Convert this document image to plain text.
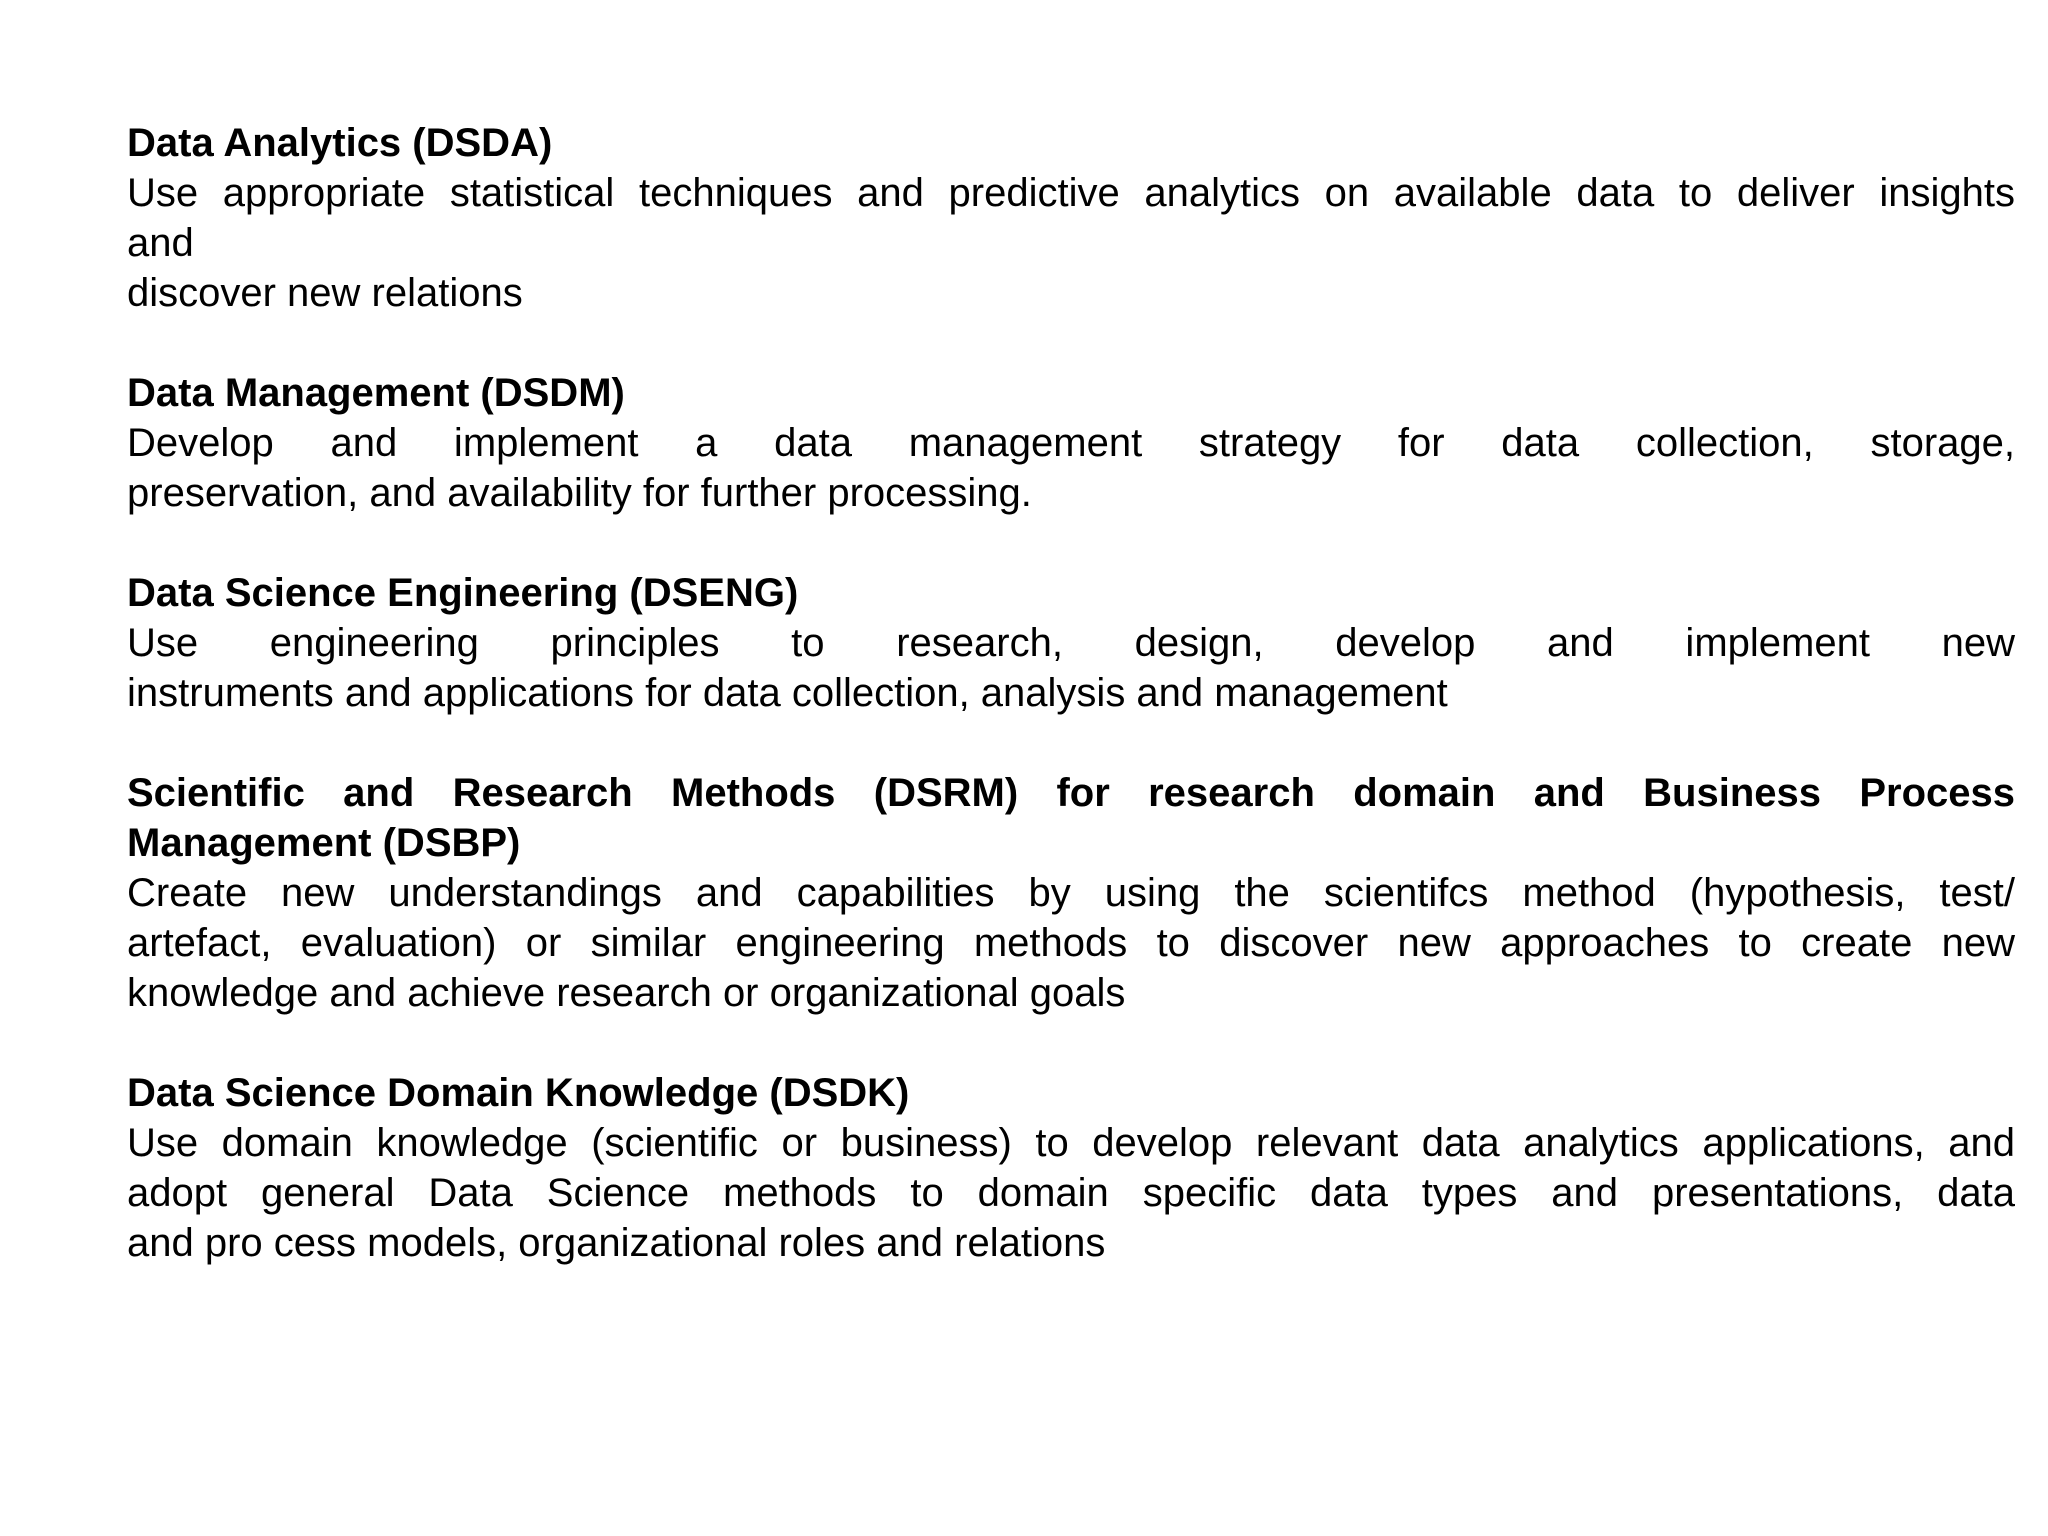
Data Analytics (DSDA)

Use appropriate statistical techniques and predictive analytics on available data to deliver insights
and
discover new relations

Data Management (DSDM)

Develop and implement a data management strategy for data collection, storage,
preservation, and availability for further processing.

Data Science Engineering (DSENG)

Use engineering principles to research, design, develop and implement new
instruments and applications for data collection, analysis and management

Scientific and Research Methods (DSRM) for research domain and Business Process
Management (DSBP)

Create new understandings and capabilities by using the scientifcs method (hypothesis, test/
artefact, evaluation) or similar engineering methods to discover new approaches to create new
knowledge and achieve research or organizational goals

Data Science Domain Knowledge (DSDK)

Use domain knowledge (scientific or business) to develop relevant data analytics applications, and
adopt general Data Science methods to domain specific data types and presentations, data
and pro cess models, organizational roles and relations
